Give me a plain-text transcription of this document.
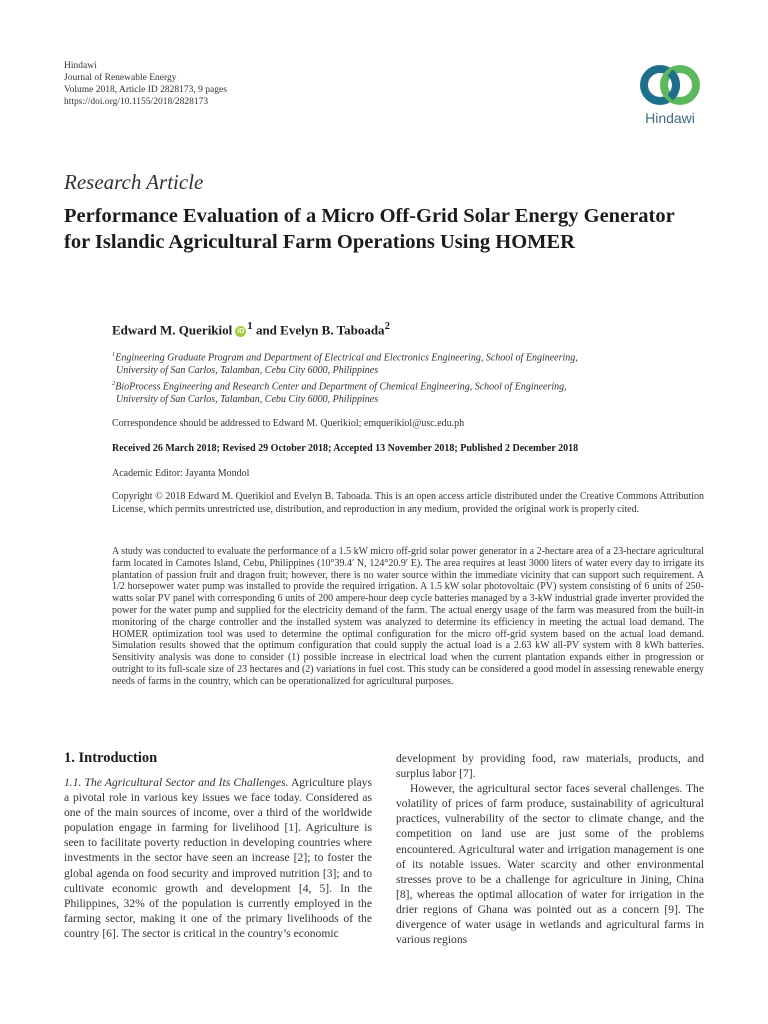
Hindawi
Journal of Renewable Energy
Volume 2018, Article ID 2828173, 9 pages
https://doi.org/10.1155/2018/2828173
Hindawi
Research Article
Performance Evaluation of a Micro Off-Grid Solar Energy Generator for Islandic Agricultural Farm Operations Using HOMER
Edward M. Querikiol iD $^1$ and Evelyn B. Taboada$^2$
$^1$Engineering Graduate Program and Department of Electrical and Electronics Engineering, School of Engineering,
University of San Carlos, Talamban, Cebu City 6000, Philippines
$^2$BioProcess Engineering and Research Center and Department of Chemical Engineering, School of Engineering,
University of San Carlos, Talamban, Cebu City 6000, Philippines
Correspondence should be addressed to Edward M. Querikiol; emquerikiol@usc.edu.ph
Received 26 March 2018; Revised 29 October 2018; Accepted 13 November 2018; Published 2 December 2018
Academic Editor: Jayanta Mondol
Copyright © 2018 Edward M. Querikiol and Evelyn B. Taboada. This is an open access article distributed under the Creative Commons Attribution License, which permits unrestricted use, distribution, and reproduction in any medium, provided the original work is properly cited.
A study was conducted to evaluate the performance of a 1.5 kW micro off-grid solar power generator in a 2-hectare area of a 23-hectare agricultural farm located in Camotes Island, Cebu, Philippines (10°39.4′ N, 124°20.9′ E). The area requires at least 3000 liters of water every day to irrigate its plantation of passion fruit and dragon fruit; however, there is no water source within the immediate vicinity that can support such requirement. A 1/2 horsepower water pump was installed to provide the required irrigation. A 1.5 kW solar photovoltaic (PV) system consisting of 6 units of 250-watts solar PV panel with corresponding 6 units of 200 ampere-hour deep cycle batteries managed by a 3-kW industrial grade inverter provided the power for the water pump and supplied for the electricity demand of the farm. The actual energy usage of the farm was measured from the built-in monitoring of the charge controller and the installed system was analyzed to determine its efficiency in meeting the actual load demand. The HOMER optimization tool was used to determine the optimal configuration for the micro off-grid system based on the actual load demand. Simulation results showed that the optimum configuration that could supply the actual load is a 2.63 kW all-PV system with 8 kWh batteries. Sensitivity analysis was done to consider (1) possible increase in electrical load when the current plantation expands either in progression or outright to its full-scale size of 23 hectares and (2) variations in fuel cost. This study can be considered a good model in assessing renewable energy needs of farms in the country, which can be operationalized for agricultural purposes.
1. Introduction

1.1. The Agricultural Sector and Its Challenges. Agriculture plays a pivotal role in various key issues we face today. Considered as one of the main sources of income, over a third of the worldwide population engage in farming for livelihood [1]. Agriculture is seen to facilitate poverty reduction in developing countries where investments in the sector have seen an increase [2]; to foster the global agenda on food security and improved nutrition [3]; and to cultivate economic growth and development [4, 5]. In the Philippines, 32% of the population is currently employed in the farming sector, making it one of the primary livelihoods of the country [6]. The sector is critical in the country’s economic

development by providing food, raw materials, products, and surplus labor [7].

However, the agricultural sector faces several challenges. The volatility of prices of farm produce, sustainability of agricultural practices, vulnerability of the sector to climate change, and the competition on land use are just some of the problems encountered. Agricultural water and irrigation management is one of its notable issues. Water scarcity and other environmental stresses prove to be a challenge for agriculture in Jining, China [8], whereas the optimal allocation of water for irrigation in the drier regions of Ghana was pointed out as a concern [9]. The divergence of water usage in wetlands and agricultural farms in various regions
